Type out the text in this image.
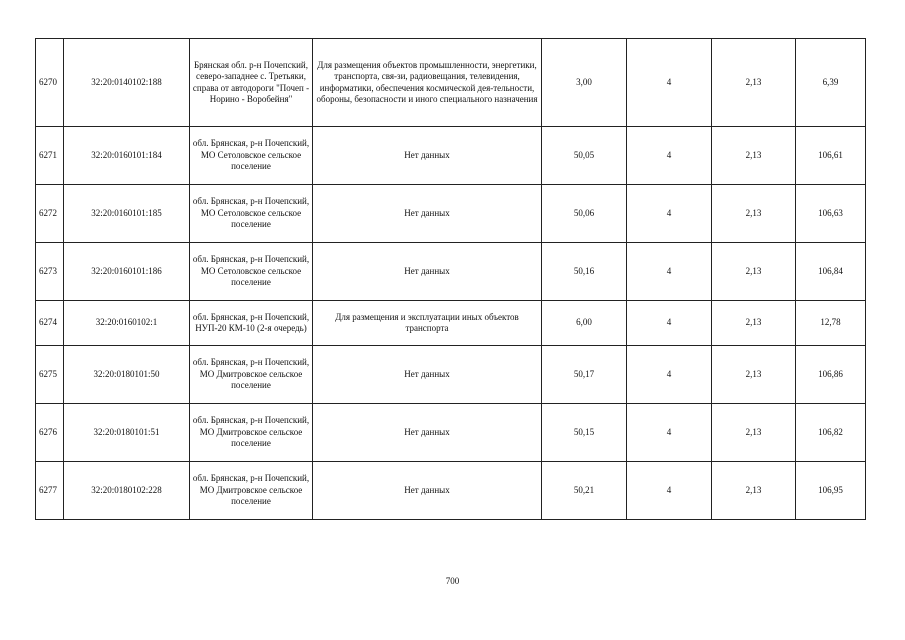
6270	32:20:0140102:188	Брянская обл. р-н Почепский, северо-западнее с. Третьяки, справа от автодороги "Почеп - Норино - Воробейня"	Для размещения объектов промышленности, энергетики, транспорта, свя-зи, радиовещания, телевидения, информатики, обеспечения космической дея-тельности, обороны, безопасности и иного специального назначения	3,00	4	2,13	6,39
6271	32:20:0160101:184	обл. Брянская, р-н Почепский, МО Сетоловское сельское поселение	Нет данных	50,05	4	2,13	106,61
6272	32:20:0160101:185	обл. Брянская, р-н Почепский, МО Сетоловское сельское поселение	Нет данных	50,06	4	2,13	106,63
6273	32:20:0160101:186	обл. Брянская, р-н Почепский, МО Сетоловское сельское поселение	Нет данных	50,16	4	2,13	106,84
6274	32:20:0160102:1	обл. Брянская, р-н Почепский, НУП-20 КМ-10 (2-я очередь)	Для размещения и эксплуатации иных объектов транспорта	6,00	4	2,13	12,78
6275	32:20:0180101:50	обл. Брянская, р-н Почепский, МО Дмитровское сельское поселение	Нет данных	50,17	4	2,13	106,86
6276	32:20:0180101:51	обл. Брянская, р-н Почепский, МО Дмитровское сельское поселение	Нет данных	50,15	4	2,13	106,82
6277	32:20:0180102:228	обл. Брянская, р-н Почепский, МО Дмитровское сельское поселение	Нет данных	50,21	4	2,13	106,95
700
